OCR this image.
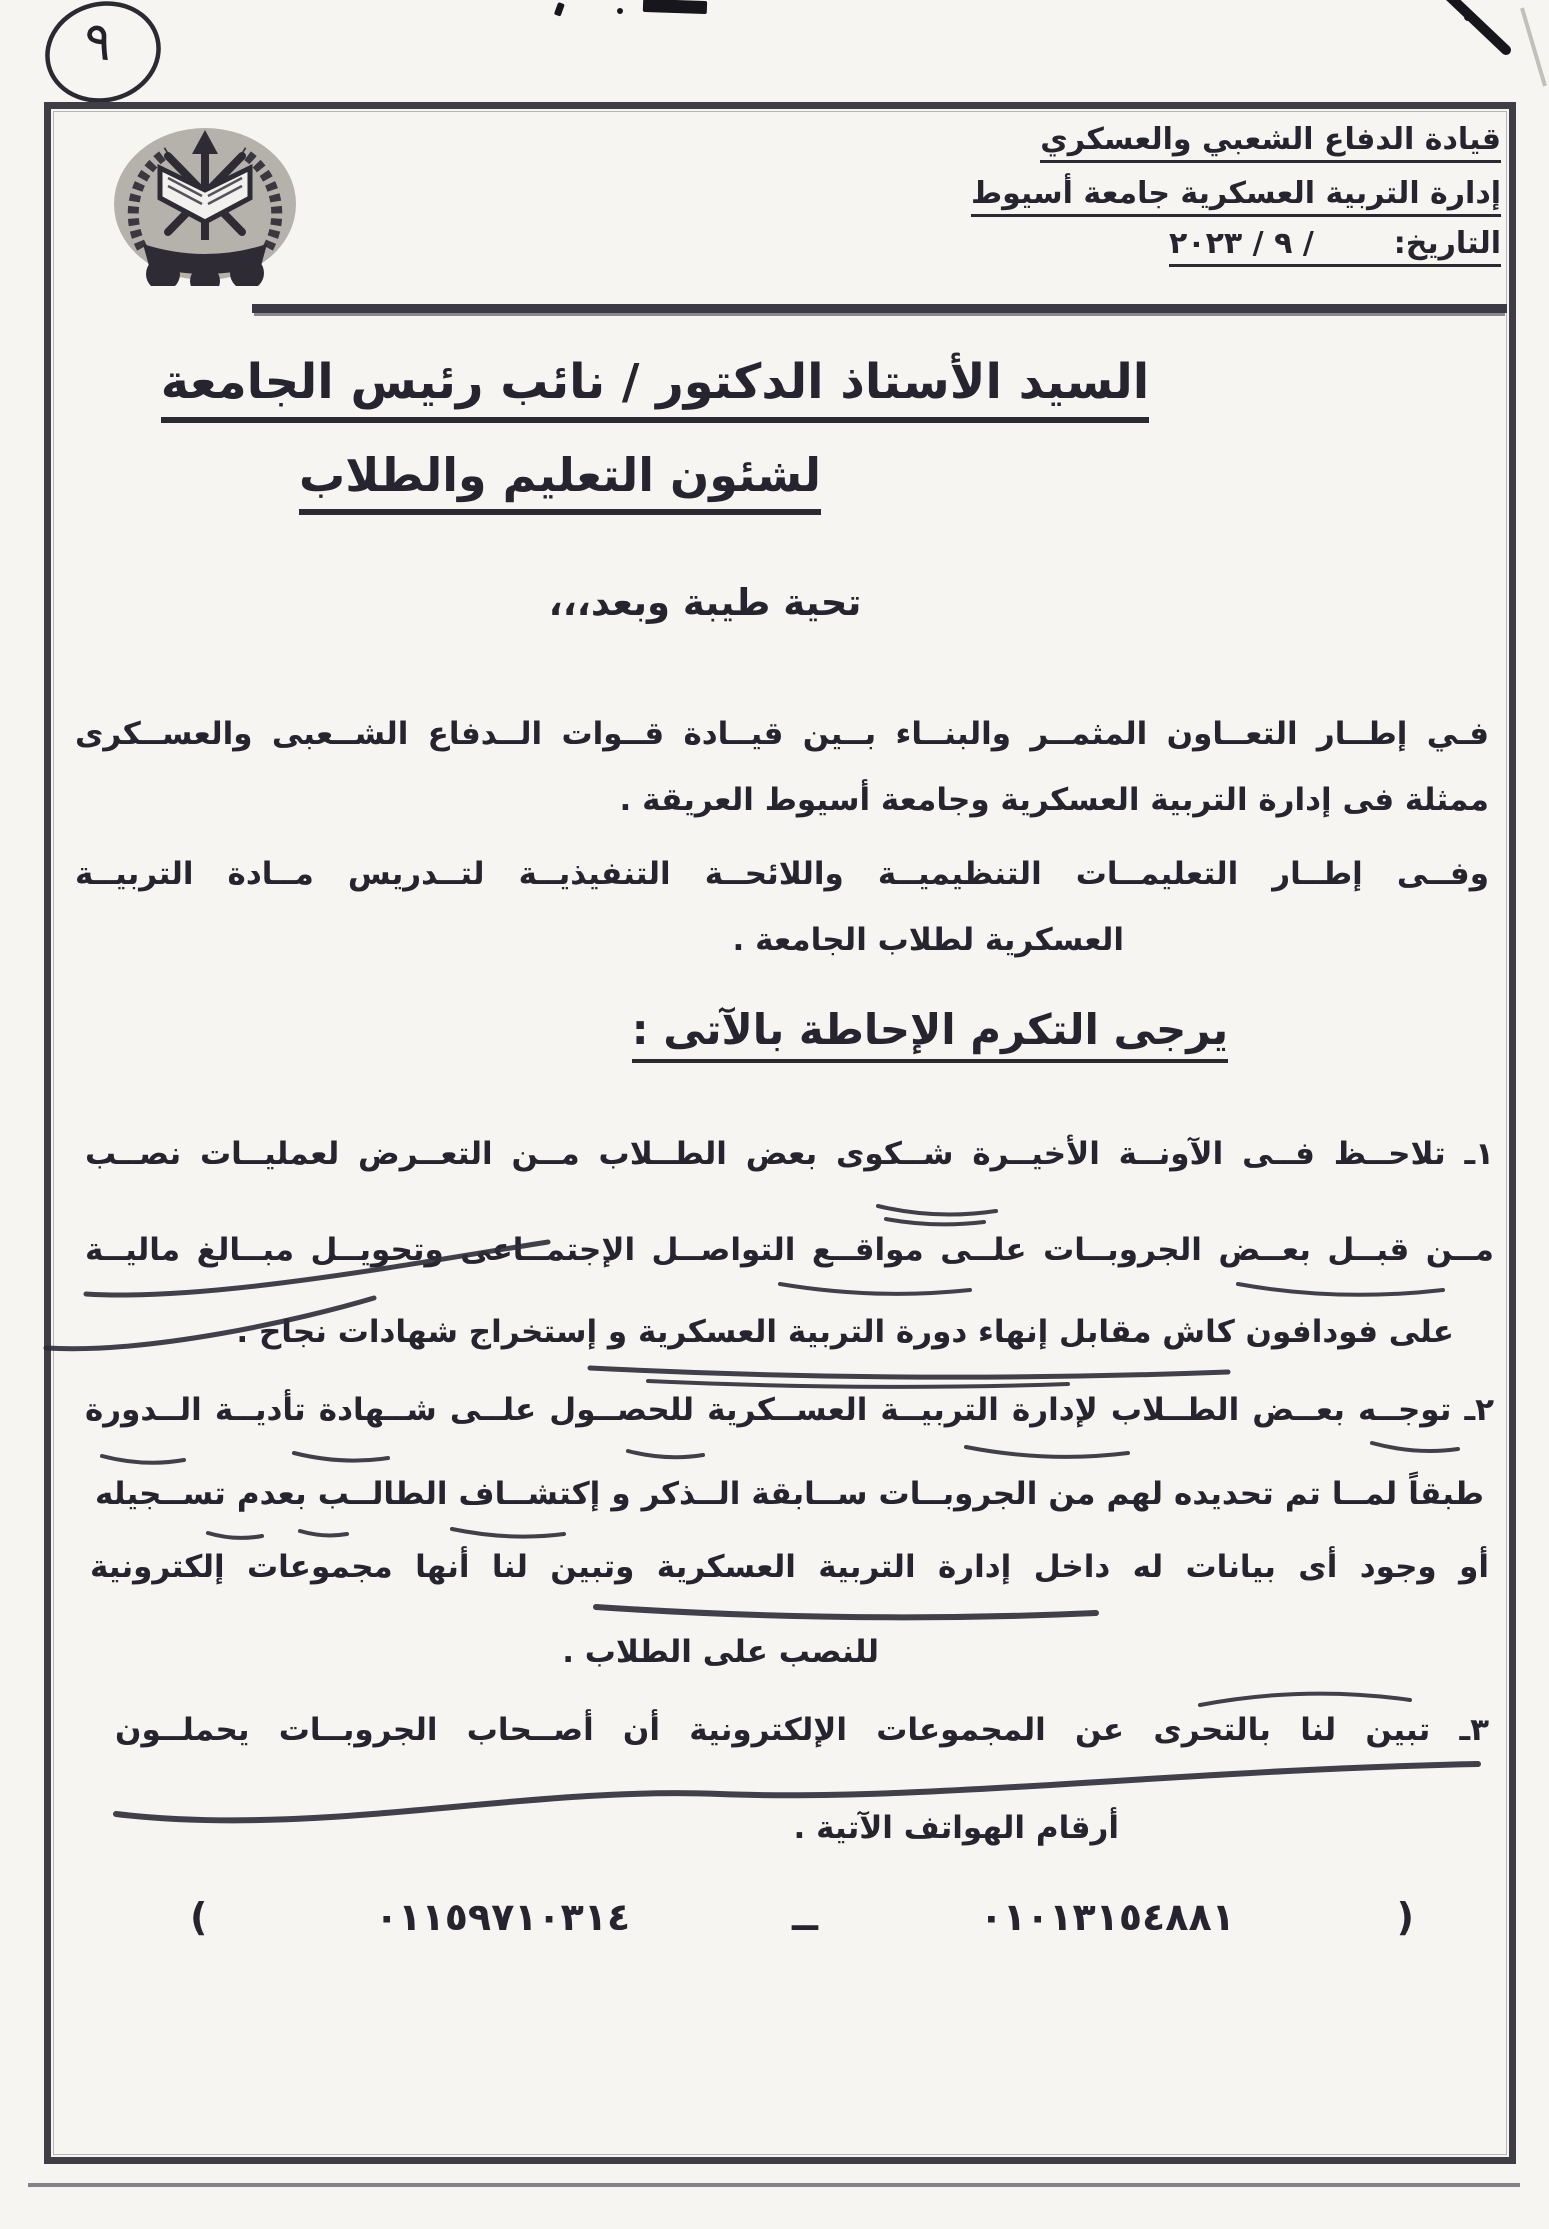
٩
قيادة الدفاع الشعبي والعسكري
إدارة التربية العسكرية جامعة أسيوط
التاريخ:/ ٩ / ٢٠٢٣
السيد الأستاذ الدكتور / نائب رئيس الجامعة
لشئون التعليم والطلاب
تحية طيبة وبعد،،،
فـي إطــار التعــاون المثمــر والبنــاء بــين قيــادة قــوات الــدفاع الشــعبى والعســكرى
ممثلة فى إدارة التربية العسكرية وجامعة أسيوط العريقة .
وفــى إطــار التعليمــات التنظيميــة واللائحــة التنفيذيــة لتــدريس مــادة التربيــة
العسكرية لطلاب الجامعة .
يرجى التكرم الإحاطة بالآتى :
١ـ تلاحــظ فــى الآونــة الأخيــرة شــكوى بعض الطــلاب مــن التعــرض لعمليــات نصــب
مــن قبــل بعــض الجروبــات علــى مواقــع التواصــل الإجتمــاعى وتحويــل مبــالغ ماليــة
على فودافون كاش مقابل إنهاء دورة التربية العسكرية و إستخراج شهادات نجاح .
٢ـ توجــه بعــض الطــلاب لإدارة التربيــة العســكرية للحصــول علــى شــهادة تأديــة الــدورة
طبقاً لمــا تم تحديده لهم من الجروبــات ســابقة الــذكر و إكتشــاف الطالــب بعدم تســجيله
أو وجود أى بيانات له داخل إدارة التربية العسكرية وتبين لنا أنها مجموعات إلكترونية
للنصب على الطلاب .
٣ـ تبين لنا بالتحرى عن المجموعات الإلكترونية أن أصــحاب الجروبــات يحملــون
أرقام الهواتف الآتية .
(	٠١١٥٩٧١٠٣١٤	ــ	٠١٠١٣١٥٤٨٨١	)
